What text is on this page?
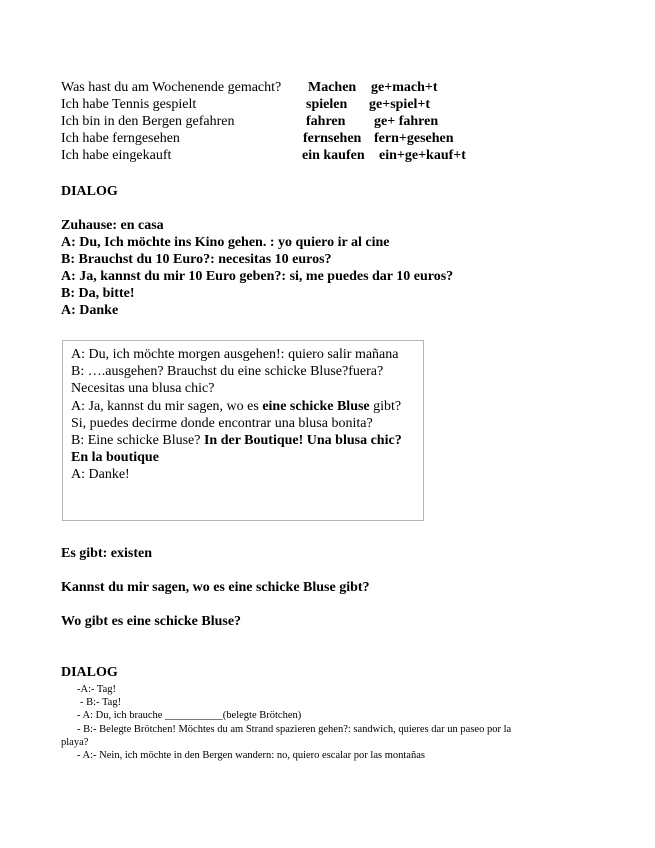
Was hast du am Wochenende gemacht? Machen ge+mach+t
Ich habe Tennis gespielt	spielen ge+spiel+t
Ich bin in den Bergen gefahren	fahren ge+ fahren
Ich habe ferngesehen	fernsehen fern+gesehen
Ich habe eingekauft	ein kaufen ein+ge+kauf+t
DIALOG
Zuhause: en casa
A: Du, Ich möchte ins Kino gehen. : yo quiero ir al cine
B: Brauchst du 10 Euro?: necesitas 10 euros?
A: Ja, kannst du mir 10 Euro geben?: si, me puedes dar 10 euros?
B: Da, bitte!
A: Danke
A: Du, ich möchte morgen ausgehen!: quiero salir mañana
B: ….ausgehen? Brauchst du eine schicke Bluse?fuera? Necesitas una blusa chic?
A: Ja, kannst du mir sagen, wo es eine schicke Bluse gibt? Si, puedes decirme donde encontrar una blusa bonita?
B: Eine schicke Bluse? In der Boutique! Una blusa chic? En la boutique
A: Danke!
Es gibt: existen
Kannst du mir sagen, wo es eine schicke Bluse gibt?
Wo gibt es eine schicke Bluse?
DIALOG
-A:- Tag!
- B:- Tag!
- A: Du, ich brauche ___________(belegte Brötchen)
- B:- Belegte Brötchen! Möchtes du am Strand spazieren gehen?: sandwich, quieres dar un paseo por la
playa?
- A:- Nein, ich möchte in den Bergen wandern: no, quiero escalar por las montañas
